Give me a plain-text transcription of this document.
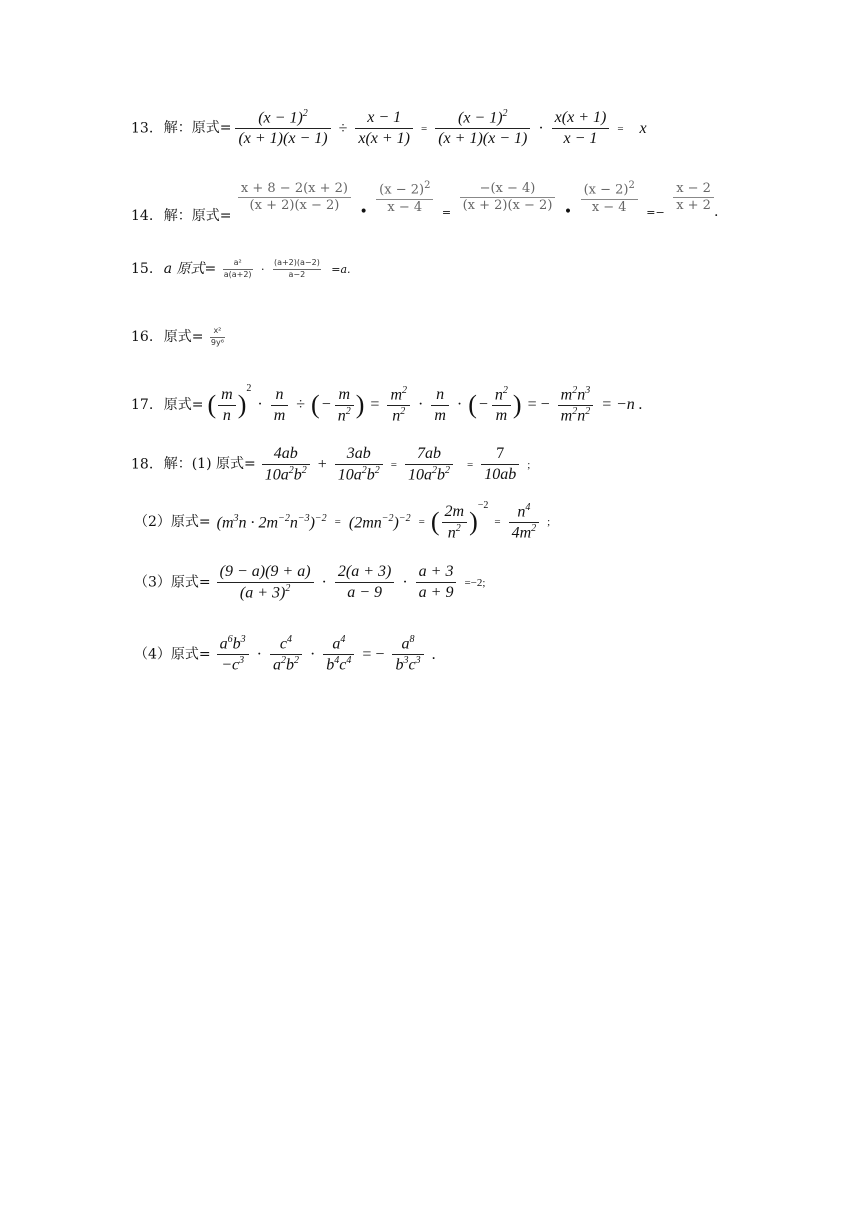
13. 解：原式= $\frac{(x - 1)^2}{(x + 1)(x - 1)} \div \frac{x - 1}{x(x + 1)} = \frac{(x - 1)^2}{(x + 1)(x - 1)} \cdot \frac{x(x + 1)}{x - 1} = x$
14. 解：原式=
$\frac{x + 8 - 2(x + 2)}{(x + 2)(x - 2)}$ • $\frac{(x - 2)^2}{x - 4} = \frac{-(x - 4)}{(x + 2)(x - 2)}$ • $\frac{(x - 2)^2}{x - 4} =- \frac{x - 2}{x + 2}$ .
15. a 原式= $\frac{\text{a²}}{a(a+2)} \cdot \frac{(a+2)(a-2)}{a-2} =a$.
16. 原式= $\frac{\text{x²}}{\text{9y⁶}}$
17. 原式= ( $\frac{m}{n} )^2 \cdot \frac{n}{m}$ ÷ ( − $\frac{m}{n^2}$ ) = $\frac{m^2}{n^2} \cdot \frac{n}{m}$ · ( − $\frac{n^2}{m}$ ) = − $\frac{m^2n^3}{m^2n^2} = -n$ .
18. 解：(1) 原式= $\frac{4ab}{10a^2b^2} + \frac{3ab}{10a^2b^2} = \frac{7ab}{10a^2b^2} = \frac{7}{10ab}$ ;
（2）原式= $(m^3n \cdot 2m^{-2}n^{-3})^{-2} = (2mn^{-2})^{-2}$ = ( $\frac{2m}{n^2} )^{-2} = \frac{n^4}{4m^2}$ ;
（3）原式= $\frac{(9 - a)(9 + a)}{(a + 3)^2} \cdot \frac{2(a + 3)}{a - 9} \cdot \frac{a + 3}{a + 9} =-2$;
（4）原式= $\frac{a^6b^3}{-c^3} \cdot \frac{c^4}{a^2b^2} \cdot \frac{a^4}{b^4c^4}$ = − $\frac{a^8}{b^3c^3}$ .
